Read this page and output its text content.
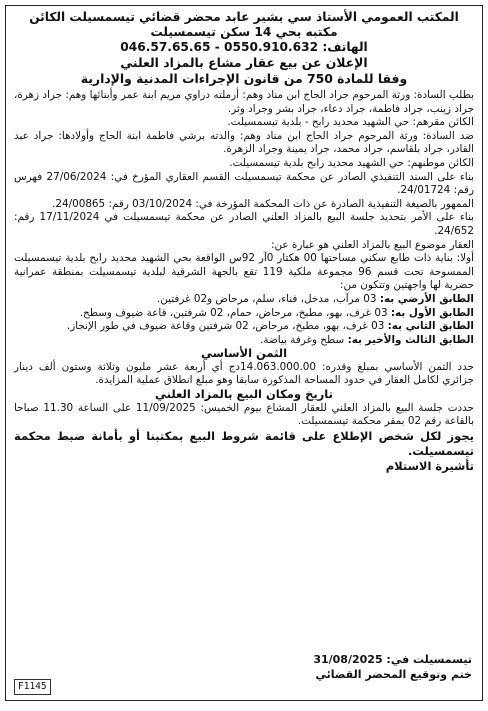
المكتب العمومي الأستاذ سي بشير عابد محضر قضائي تيسمسيلت الكائن
مكتبه بحي 14 سكن تيسمسيلت
الهاتف: 046.57.65.65 - 0550.910.632
الإعلان عن بيع عقار مشاع بالمزاد العلني
وفقا للمادة 750 من قانون الإجراءات المدنية والإدارية

بطلب السادة: ورثة المرحوم جراد الحاج ابن مناد وهم: أرملته دراوي مريم ابنة عمر وأبنائها وهم: جراد زهرة، جراد زينب، جراد فاطمة، جراد دعاء، جراد بشر وجراد وثر.

الكائن مقرهم: حي الشهيد محديد رابح - بلدية تيسمسيلت.

ضد السادة: ورثة المرحوم جراد الحاج ابن مناد وهم: والدته برشي فاطمة ابنة الحاج وأولادها: جراد عبد القادر، جراد بلقاسم، جراد محمد، جراد يمينة وجراد الزهرة.

الكائن موطنهم: حي الشهيد محديد رابح بلدية تيسمسيلت.

بناء على السند التنفيذي الصادر عن محكمة تيسمسيلت القسم العقاري المؤرخ في: 27/06/2024 فهرس رقم: 24/01724.

الممهور بالصيغة التنفيذية الصادرة عن ذات المحكمة المؤرخة في: 03/10/2024 رقم: 24/00865.

بناء على الأمر بتحديد جلسة البيع بالمزاد العلني الصادر عن محكمة تيسمسيلت في 17/11/2024 رقم: 24/652.

العقار موضوع البيع بالمزاد العلني هو عبارة عن:

أولا: بناية ذات طابع سكني مساحتها 00 هكتار 0آر 92س الواقعة بحي الشهيد محديد رابح بلدية تيسمسيلت الممسوحة تحت قسم 96 مجموعة ملكية 119 تقع بالجهة الشرقية لبلدية تيسمسيلت بمنطقة عمرانية حضرية لها واجهتين وتتكون من:

الطابق الأرضي به: 03 مرآب، مدخل، فناء، سلم، مرحاض و02 غرفتين.

الطابق الأول به: 03 غرف، بهو، مطبخ، مرحاض، حمام، 02 شرفتين، قاعة ضيوف وسطح.

الطابق الثاني به: 03 غرف، بهو، مطبخ، مرحاض، 02 شرفتين وقاعة ضيوف في طور الإنجاز.

الطابق الثالث والأخير به: سطح وغرفة بياضة.

الثمن الأساسي

حدد الثمن الأساسي بمبلغ وقدره: 14.063.000.00دج أي أربعة عشر مليون وثلاثة وستون ألف دينار جزائري لكامل العقار في حدود المساحة المذكورة سابقا وهو مبلغ انطلاق عملية المزايدة.

تاريخ ومكان البيع بالمزاد العلني

حددت جلسة البيع بالمزاد العلني للعقار المشاع بيوم الخميس: 11/09/2025 على الساعة 11.30 صباحا بالقاعة رقم 02 بمقر محكمة تيسمسيلت.

يجوز لكل شخص الإطلاع على قائمة شروط البيع بمكتبنا أو بأمانة ضبط محكمة تيسمسيلت.

تأشيرة الاستلام

تيسمسيلت في: 31/08/2025
ختم وتوقيع المحضر القضائي
F1145
